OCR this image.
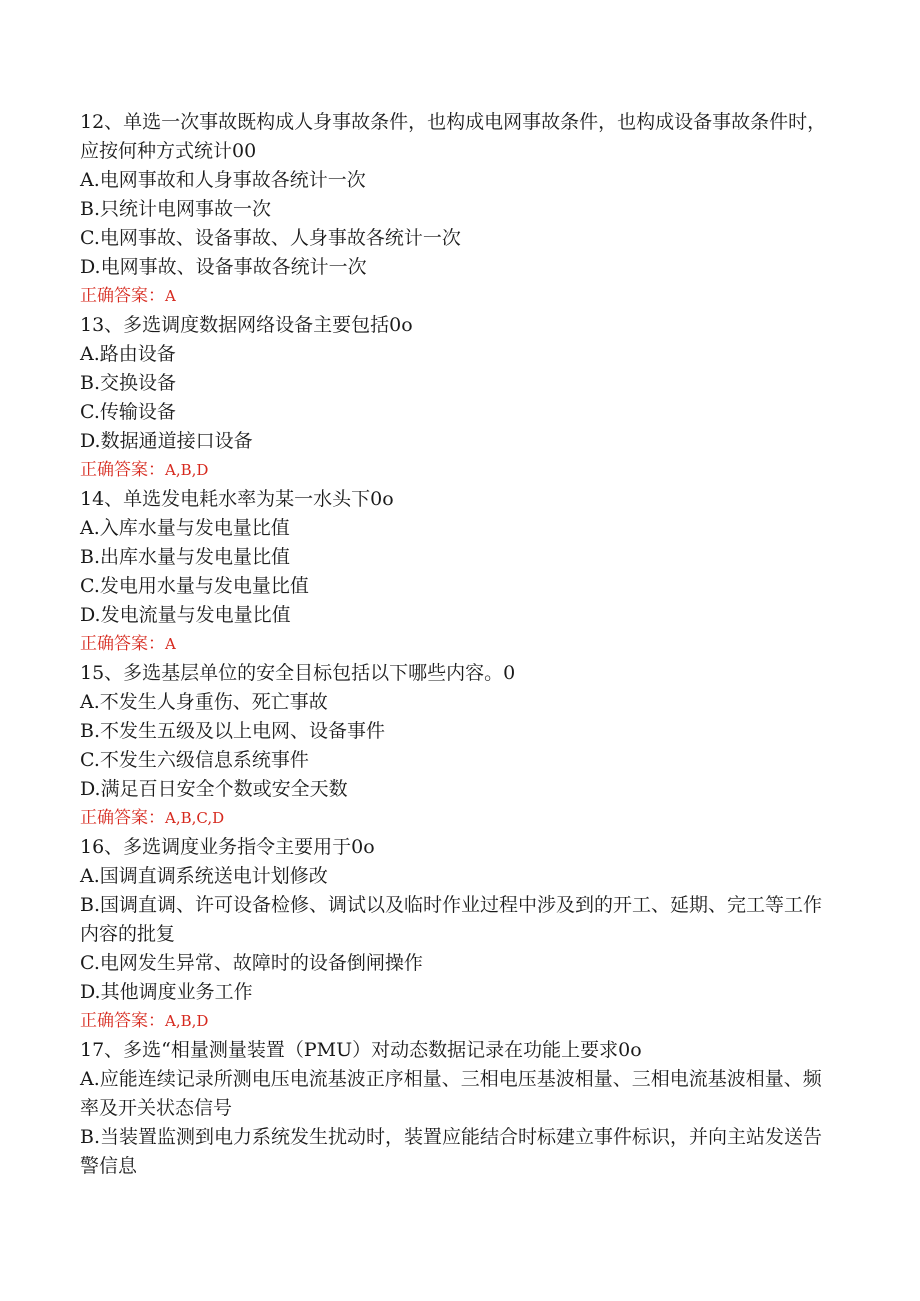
12、单选一次事故既构成人身事故条件，也构成电网事故条件，也构成设备事故条件时，应按何种方式统计00
A.电网事故和人身事故各统计一次
B.只统计电网事故一次
C.电网事故、设备事故、人身事故各统计一次
D.电网事故、设备事故各统计一次
正确答案：A
13、多选调度数据网络设备主要包括0o
A.路由设备
B.交换设备
C.传输设备
D.数据通道接口设备
正确答案：A,B,D
14、单选发电耗水率为某一水头下0o
A.入库水量与发电量比值
B.出库水量与发电量比值
C.发电用水量与发电量比值
D.发电流量与发电量比值
正确答案：A
15、多选基层单位的安全目标包括以下哪些内容。0
A.不发生人身重伤、死亡事故
B.不发生五级及以上电网、设备事件
C.不发生六级信息系统事件
D.满足百日安全个数或安全天数
正确答案：A,B,C,D
16、多选调度业务指令主要用于0o
A.国调直调系统送电计划修改
B.国调直调、许可设备检修、调试以及临时作业过程中涉及到的开工、延期、完工等工作内容的批复
C.电网发生异常、故障时的设备倒闸操作
D.其他调度业务工作
正确答案：A,B,D
17、多选“相量测量装置（PMU）对动态数据记录在功能上要求0o
A.应能连续记录所测电压电流基波正序相量、三相电压基波相量、三相电流基波相量、频率及开关状态信号
B.当装置监测到电力系统发生扰动时，装置应能结合时标建立事件标识，并向主站发送告警信息
